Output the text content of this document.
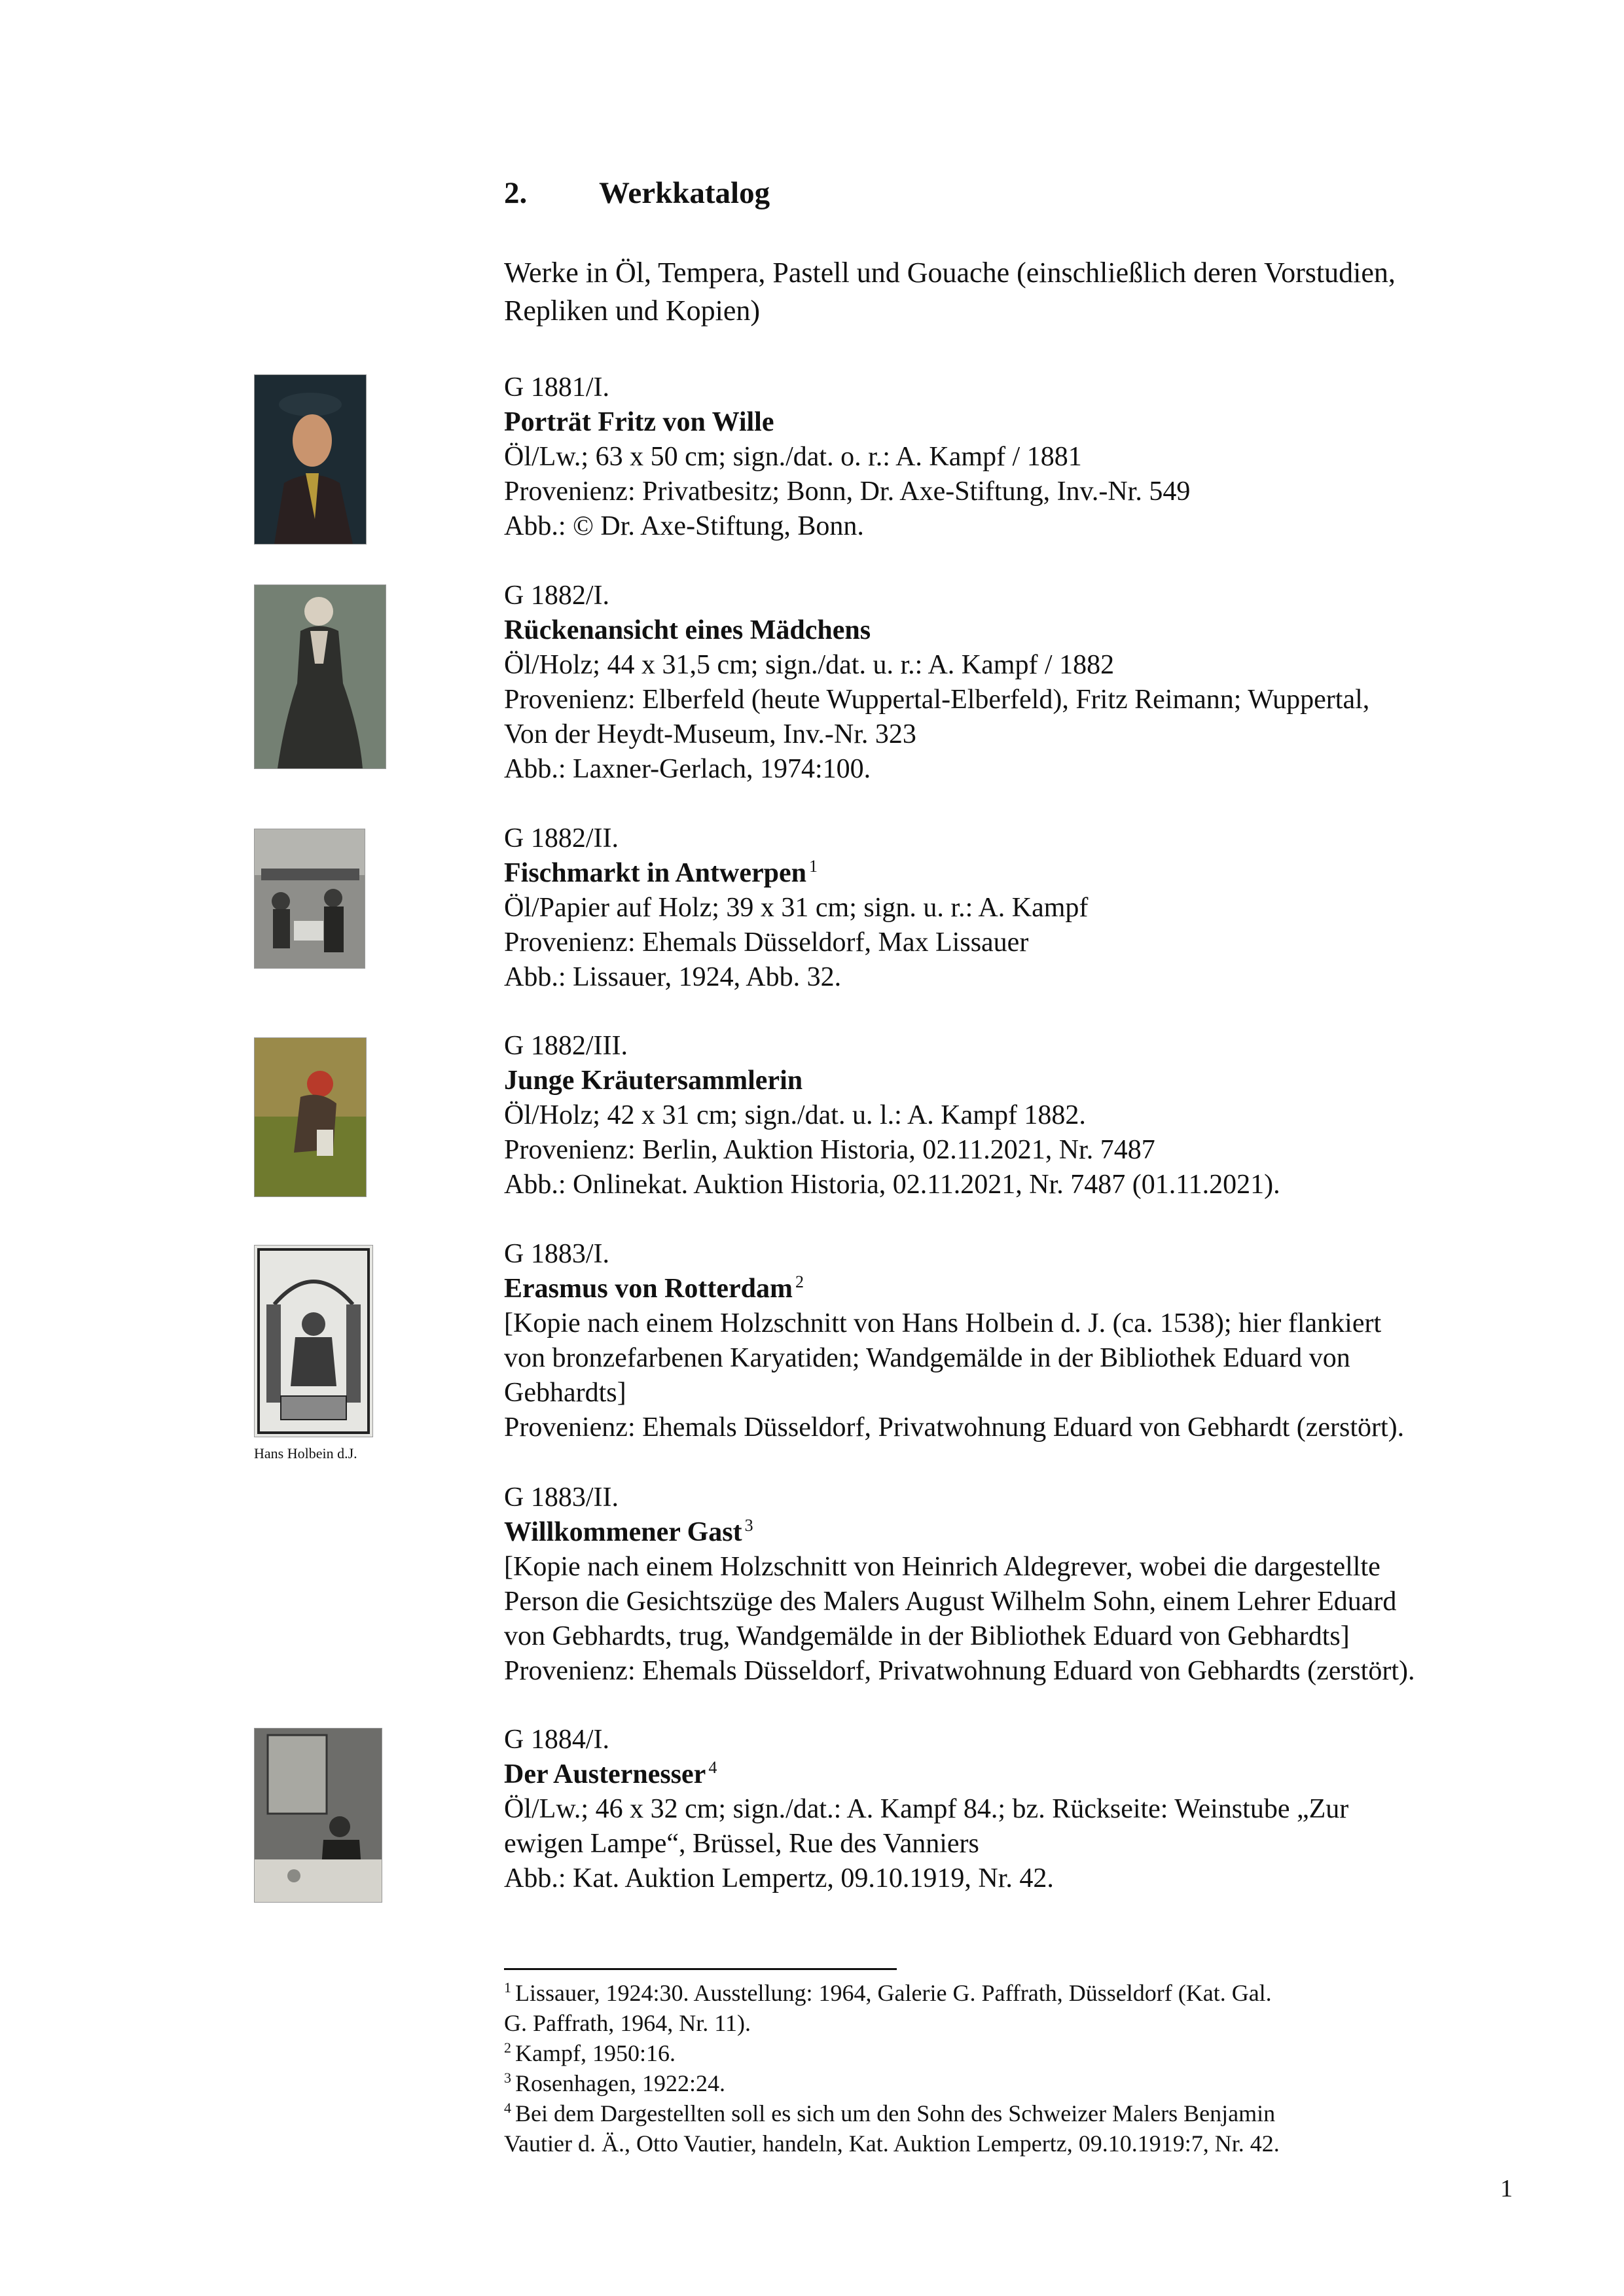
2. Werkkatalog
Werke in Öl, Tempera, Pastell und Gouache (einschließlich deren Vorstudien, Repliken und Kopien)
Hans Holbein d.J.
G 1881/I.
Porträt Fritz von Wille
Öl/Lw.; 63 x 50 cm; sign./dat. o. r.: A. Kampf / 1881
Provenienz: Privatbesitz; Bonn, Dr. Axe-Stiftung, Inv.-Nr. 549
Abb.: © Dr. Axe-Stiftung, Bonn.
G 1882/I.
Rückenansicht eines Mädchens
Öl/Holz; 44 x 31,5 cm; sign./dat. u. r.: A. Kampf / 1882
Provenienz: Elberfeld (heute Wuppertal-Elberfeld), Fritz Reimann; Wuppertal,
Von der Heydt-Museum, Inv.-Nr. 323
Abb.: Laxner-Gerlach, 1974:100.
G 1882/II.
Fischmarkt in Antwerpen $^1$
Öl/Papier auf Holz; 39 x 31 cm; sign. u. r.: A. Kampf
Provenienz: Ehemals Düsseldorf, Max Lissauer
Abb.: Lissauer, 1924, Abb. 32.
G 1882/III.
Junge Kräutersammlerin
Öl/Holz; 42 x 31 cm; sign./dat. u. l.: A. Kampf 1882.
Provenienz: Berlin, Auktion Historia, 02.11.2021, Nr. 7487
Abb.: Onlinekat. Auktion Historia, 02.11.2021, Nr. 7487 (01.11.2021).
G 1883/I.
Erasmus von Rotterdam $^2$
[Kopie nach einem Holzschnitt von Hans Holbein d. J. (ca. 1538); hier flankiert
von bronzefarbenen Karyatiden; Wandgemälde in der Bibliothek Eduard von
Gebhardts]
Provenienz: Ehemals Düsseldorf, Privatwohnung Eduard von Gebhardt (zerstört).
G 1883/II.
Willkommener Gast $^3$
[Kopie nach einem Holzschnitt von Heinrich Aldegrever, wobei die dargestellte
Person die Gesichtszüge des Malers August Wilhelm Sohn, einem Lehrer Eduard
von Gebhardts, trug, Wandgemälde in der Bibliothek Eduard von Gebhardts]
Provenienz: Ehemals Düsseldorf, Privatwohnung Eduard von Gebhardts (zerstört).
G 1884/I.
Der Austernesser $^4$
Öl/Lw.; 46 x 32 cm; sign./dat.: A. Kampf 84.; bz. Rückseite: Weinstube „Zur
ewigen Lampe“, Brüssel, Rue des Vanniers
Abb.: Kat. Auktion Lempertz, 09.10.1919, Nr. 42.
$^1$ Lissauer, 1924:30. Ausstellung: 1964, Galerie G. Paffrath, Düsseldorf (Kat. Gal.
G. Paffrath, 1964, Nr. 11).
$^2$ Kampf, 1950:16.
$^3$ Rosenhagen, 1922:24.
$^4$ Bei dem Dargestellten soll es sich um den Sohn des Schweizer Malers Benjamin
Vautier d. Ä., Otto Vautier, handeln, Kat. Auktion Lempertz, 09.10.1919:7, Nr. 42.
1
